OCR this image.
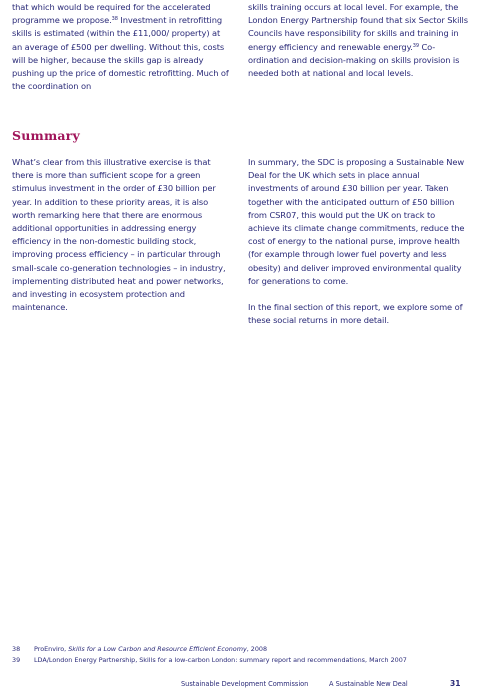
that which would be required for the accelerated programme we propose.$^{38}$ Investment in retrofitting skills is estimated (within the £11,000/ property) at an average of £500 per dwelling. Without this, costs will be higher, because the skills gap is already pushing up the price of domestic retrofitting. Much of the coordination on

skills training occurs at local level. For example, the London Energy Partnership found that six Sector Skills Councils have responsibility for skills and training in energy efficiency and renewable energy.$^{39}$ Co-ordination and decision-making on skills provision is needed both at national and local levels.

Summary

What’s clear from this illustrative exercise is that there is more than sufficient scope for a green stimulus investment in the order of £30 billion per year. In addition to these priority areas, it is also worth remarking here that there are enormous additional opportunities in addressing energy efficiency in the non-domestic building stock, improving process efficiency – in particular through small-scale co-generation technologies – in industry, implementing distributed heat and power networks, and investing in ecosystem protection and maintenance.

In summary, the SDC is proposing a Sustainable New Deal for the UK which sets in place annual investments of around £30 billion per year. Taken together with the anticipated outturn of £50 billion from CSR07, this would put the UK on track to achieve its climate change commitments, reduce the cost of energy to the national purse, improve health (for example through lower fuel poverty and less obesity) and deliver improved environmental quality for generations to come.

In the final section of this report, we explore some of these social returns in more detail.

38 ProEnviro, Skills for a Low Carbon and Resource Efficient Economy, 2008
39 LDA/London Energy Partnership, Skills for a low-carbon London: summary report and recommendations, March 2007
Sustainable Development Commission	A Sustainable New Deal	31
